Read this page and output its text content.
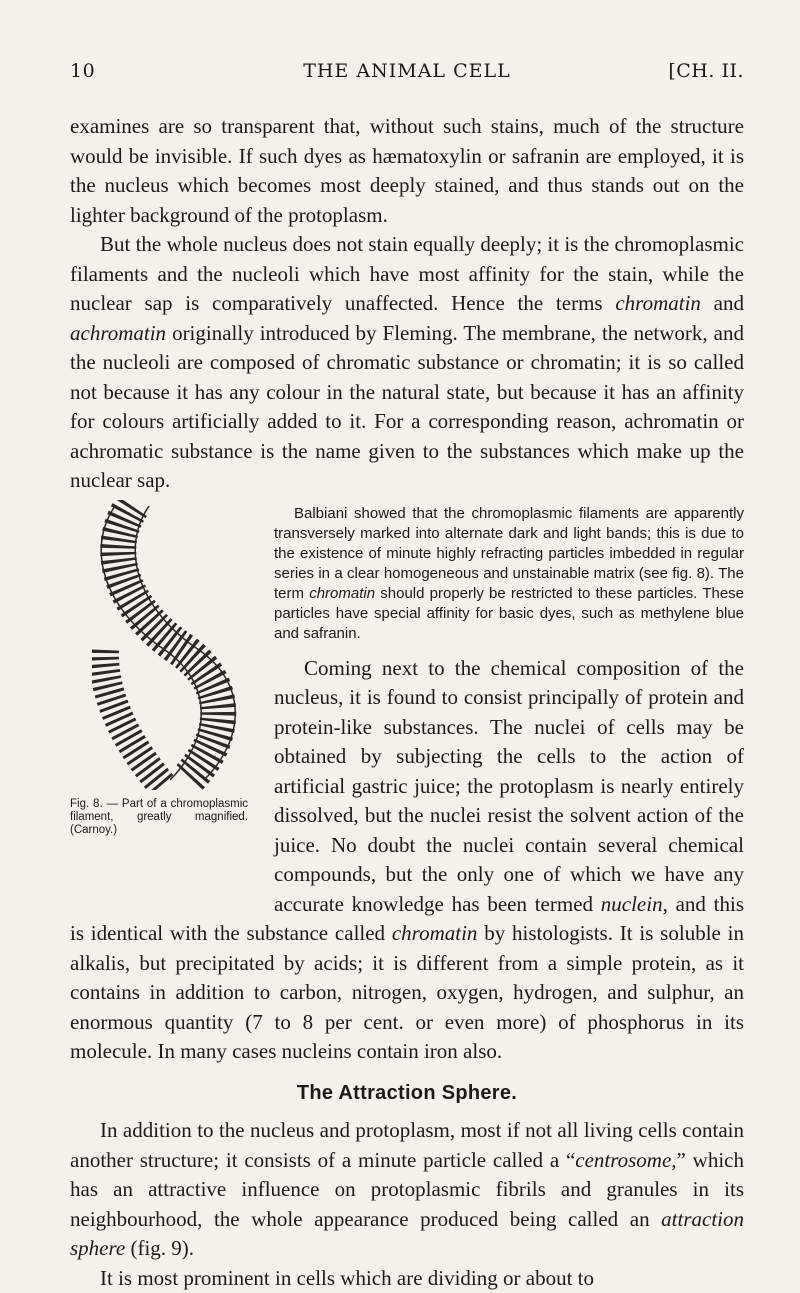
10	THE ANIMAL CELL	[CH. II.

examines are so transparent that, without such stains, much of the structure would be invisible. If such dyes as hæmatoxylin or safranin are employed, it is the nucleus which becomes most deeply stained, and thus stands out on the lighter background of the protoplasm.

But the whole nucleus does not stain equally deeply; it is the chromoplasmic filaments and the nucleoli which have most affinity for the stain, while the nuclear sap is comparatively unaffected. Hence the terms chromatin and achromatin originally introduced by Fleming. The membrane, the network, and the nucleoli are composed of chromatic substance or chromatin; it is so called not because it has any colour in the natural state, but because it has an affinity for colours artificially added to it. For a corresponding reason, achromatin or achromatic substance is the name given to the substances which make up the nuclear sap.

Fig. 8. — Part of a chromoplasmic filament, greatly magnified. (Carnoy.)

Balbiani showed that the chromoplasmic filaments are apparently transversely marked into alternate dark and light bands; this is due to the existence of minute highly refracting particles imbedded in regular series in a clear homogeneous and unstainable matrix (see fig. 8). The term chromatin should properly be restricted to these particles. These particles have special affinity for basic dyes, such as methylene blue and safranin.

Coming next to the chemical composition of the nucleus, it is found to consist principally of protein and protein-like substances. The nuclei of cells may be obtained by subjecting the cells to the action of artificial gastric juice; the protoplasm is nearly entirely dissolved, but the nuclei resist the solvent action of the juice. No doubt the nuclei contain several chemical compounds, but the only one of which we have any accurate knowledge has been termed nuclein, and this is identical with the substance called chromatin by histologists. It is soluble in alkalis, but precipitated by acids; it is different from a simple protein, as it contains in addition to carbon, nitrogen, oxygen, hydrogen, and sulphur, an enormous quantity (7 to 8 per cent. or even more) of phosphorus in its molecule. In many cases nucleins contain iron also.

The Attraction Sphere.

In addition to the nucleus and protoplasm, most if not all living cells contain another structure; it consists of a minute particle called a “centrosome,” which has an attractive influence on protoplasmic fibrils and granules in its neighbourhood, the whole appearance produced being called an attraction sphere (fig. 9).

It is most prominent in cells which are dividing or about to
